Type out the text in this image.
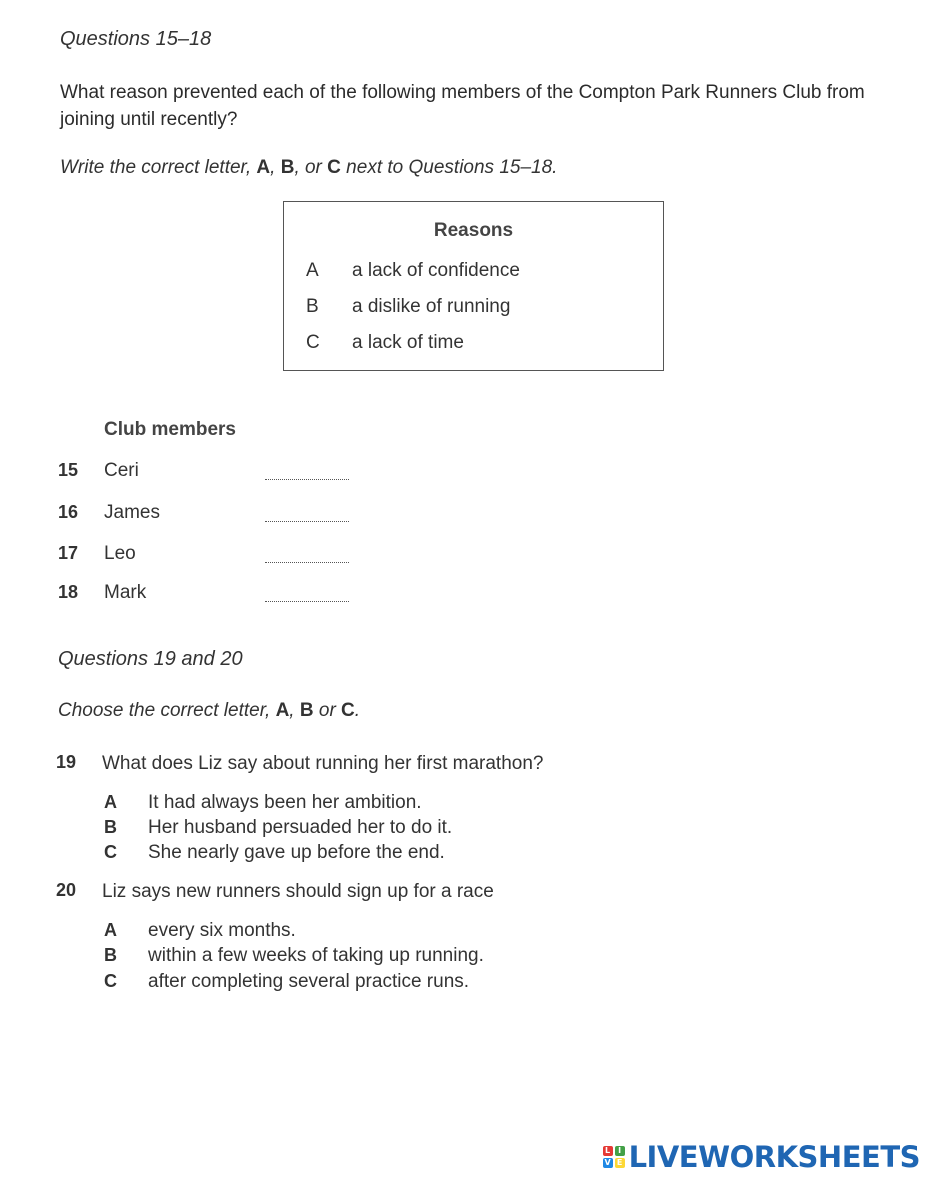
Questions 15–18
What reason prevented each of the following members of the Compton Park Runners Club from joining until recently?
Write the correct letter, A, B, or C next to Questions 15–18.
Reasons
A a lack of confidence
B a dislike of running
C a lack of time
Club members
15 Ceri
16 James
17 Leo
18 Mark
Questions 19 and 20
Choose the correct letter, A, B or C.
19 What does Liz say about running her first marathon?
A It had always been her ambition.
B Her husband persuaded her to do it.
C She nearly gave up before the end.
20 Liz says new runners should sign up for a race
A every six months.
B within a few weeks of taking up running.
C after completing several practice runs.
L I
V E LIVEWORKSHEETS
